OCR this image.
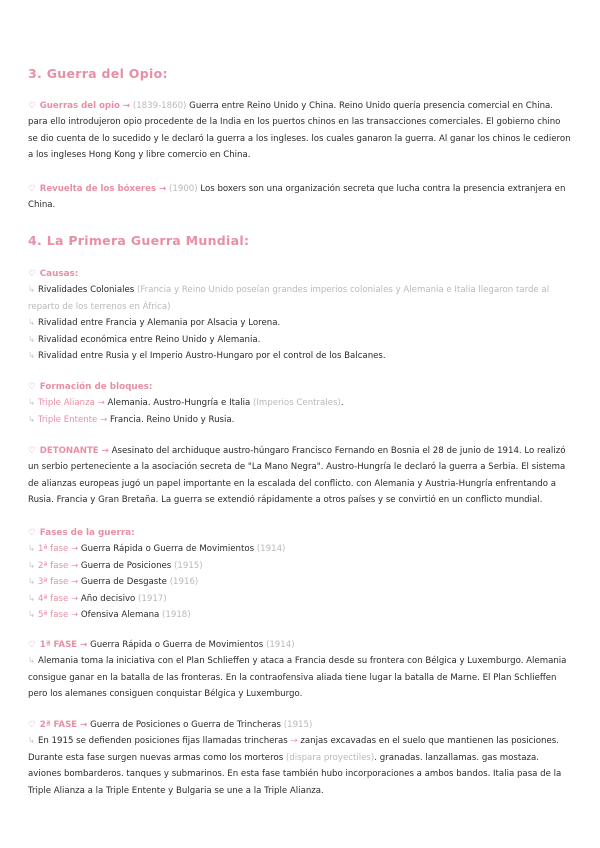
3. Guerra del Opio:
♡ Guerras del opio → (1839-1860) Guerra entre Reino Unido y China. Reino Unido quería presencia comercial en China. para ello introdujeron opio procedente de la India en los puertos chinos en las transacciones comerciales. El gobierno chino se dio cuenta de lo sucedido y le declaró la guerra a los ingleses. los cuales ganaron la guerra. Al ganar los chinos le cedieron a los ingleses Hong Kong y libre comercio en China.
♡ Revuelta de los bóxeres → (1900) Los boxers son una organización secreta que lucha contra la presencia extranjera en China.
4. La Primera Guerra Mundial:
♡ Causas:
↳ Rivalidades Coloniales (Francia y Reino Unido poseían grandes imperios coloniales y Alemania e Italia llegaron tarde al reparto de los terrenos en África)
↳ Rivalidad entre Francia y Alemania por Alsacia y Lorena.
↳ Rivalidad económica entre Reino Unido y Alemania.
↳ Rivalidad entre Rusia y el Imperio Austro-Hungaro por el control de los Balcanes.
♡ Formación de bloques:
↳ Triple Alianza → Alemania. Austro-Hungría e Italia (Imperios Centrales).
↳ Triple Entente → Francia. Reino Unido y Rusia.
♡ DETONANTE → Asesinato del archiduque austro-húngaro Francisco Fernando en Bosnia el 28 de junio de 1914. Lo realizó un serbio perteneciente a la asociación secreta de "La Mano Negra". Austro-Hungría le declaró la guerra a Serbia. El sistema de alianzas europeas jugó un papel importante en la escalada del conflicto. con Alemania y Austria-Hungría enfrentando a Rusia. Francia y Gran Bretaña. La guerra se extendió rápidamente a otros países y se convirtió en un conflicto mundial.
♡ Fases de la guerra:
↳ 1ª fase → Guerra Rápida o Guerra de Movimientos (1914)
↳ 2ª fase → Guerra de Posiciones (1915)
↳ 3ª fase → Guerra de Desgaste (1916)
↳ 4ª fase → Año decisivo (1917)
↳ 5ª fase → Ofensiva Alemana (1918)
♡ 1ª FASE → Guerra Rápida o Guerra de Movimientos (1914)
↳ Alemania toma la iniciativa con el Plan Schlieffen y ataca a Francia desde su frontera con Bélgica y Luxemburgo. Alemania consigue ganar en la batalla de las fronteras. En la contraofensiva aliada tiene lugar la batalla de Marne. El Plan Schlieffen pero los alemanes consiguen conquistar Bélgica y Luxemburgo.
♡ 2ª FASE → Guerra de Posiciones o Guerra de Trincheras (1915)
↳ En 1915 se defienden posiciones fijas llamadas trincheras → zanjas excavadas en el suelo que mantienen las posiciones. Durante esta fase surgen nuevas armas como los morteros (dispara proyectiles). granadas. lanzallamas. gas mostaza. aviones bombarderos. tanques y submarinos. En esta fase también hubo incorporaciones a ambos bandos. Italia pasa de la Triple Alianza a la Triple Entente y Bulgaria se une a la Triple Alianza.
